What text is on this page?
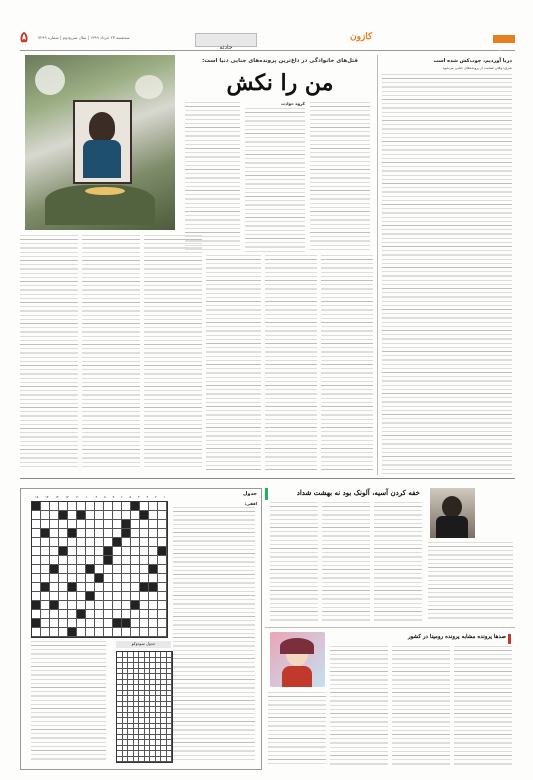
۵ سه‌شنبه ۲۳ خرداد ۱۳۹۹ | سال سی‌ودوم | شماره ۷۲۹۹
حادثه
کازون
تاکسی
قتل‌های خانوادگی در داغ‌ترین پرونده‌های جنایی دنیا است:
من را نکش
گروه حوادث
دریا آوردیم، چوب‌کش شده است
شرق: وقتی صحبت از پرونده‌های جنایی می‌شود
خفه‌ کردن آسیه، آلونک بود نه بهشت شداد
صدها پرونده مشابه پرونده رومینا در کشور
جدول
۱
۲
۳
۴
۵
۶
۷
۸
۹
۱۰
۱۱
۱۲
۱۳
۱۴
۱۵
افقی:
جدول سودوکو
